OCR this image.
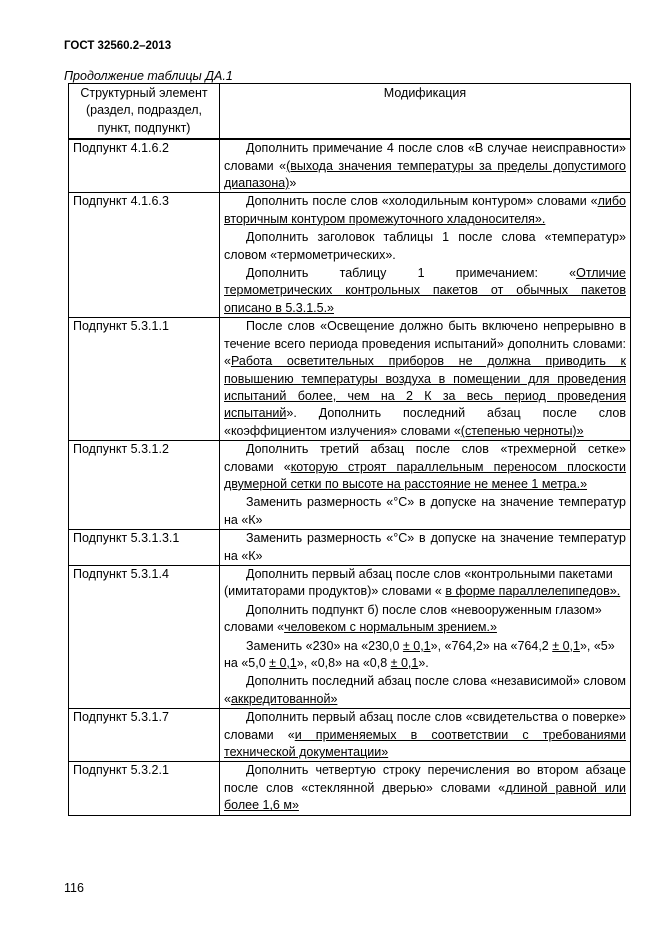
ГОСТ 32560.2–2013
Продолжение таблицы ДА.1
Структурный элемент (раздел, подраздел, пункт, подпункт)	Модификация
Подпункт 4.1.6.2	Дополнить примечание 4 после слов «В случае неисправности» словами «(выхода значения температуры за пределы допустимого диапазона)»

Подпункт 4.1.6.3	Дополнить после слов «холодильным контуром» словами «либо вторичным контуром промежуточного хладоносителя».

Дополнить заголовок таблицы 1 после слова «температур» словом «термометрических».

Дополнить таблицу 1 примечанием: «Отличие термометрических контрольных пакетов от обычных пакетов описано в 5.3.1.5.»

Подпункт 5.3.1.1	После слов «Освещение должно быть включено непрерывно в течение всего периода проведения испытаний» дополнить словами: «Работа осветительных приборов не должна приводить к повышению температуры воздуха в помещении для проведения испытаний более, чем на 2 К за весь период проведения испытаний». Дополнить последний абзац после слов «коэффициентом излучения» словами «(степенью черноты)»

Подпункт 5.3.1.2	Дополнить третий абзац после слов «трехмерной сетке» словами «которую строят параллельным переносом плоскости двумерной сетки по высоте на расстояние не менее 1 метра.»

Заменить размерность «°С» в допуске на значение температур на «К»

Подпункт 5.3.1.3.1	Заменить размерность «°С» в допуске на значение температур на «К»

Подпункт 5.3.1.4	Дополнить первый абзац после слов «контрольными пакетами (имитаторами продуктов)» словами « в форме параллелепипедов».

Дополнить подпункт б) после слов «невооруженным глазом» словами «человеком с нормальным зрением.»

Заменить «230» на «230,0 ± 0,1», «764,2» на «764,2 ± 0,1», «5» на «5,0 ± 0,1», «0,8» на «0,8 ± 0,1».

Дополнить последний абзац после слова «независимой» словом «аккредитованной»

Подпункт 5.3.1.7	Дополнить первый абзац после слов «свидетельства о поверке» словами «и применяемых в соответствии с требованиями технической документации»

Подпункт 5.3.2.1	Дополнить четвертую строку перечисления во втором абзаце после слов «стеклянной дверью» словами «длиной равной или более 1,6 м»

116
